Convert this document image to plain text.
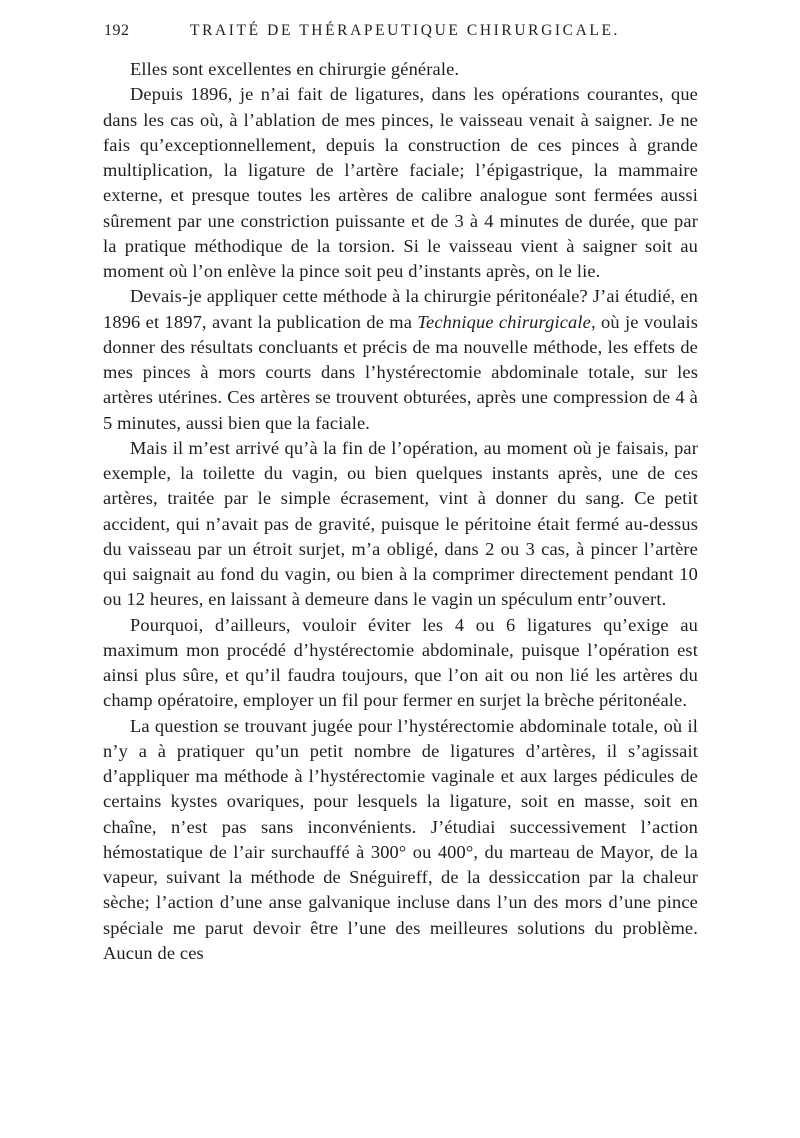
192	TRAITÉ DE THÉRAPEUTIQUE CHIRURGICALE.

Elles sont excellentes en chirurgie générale.

Depuis 1896, je n’ai fait de ligatures, dans les opérations courantes, que dans les cas où, à l’ablation de mes pinces, le vaisseau venait à saigner. Je ne fais qu’exceptionnellement, depuis la construction de ces pinces à grande multiplication, la ligature de l’artère faciale; l’épigastrique, la mammaire externe, et presque toutes les artères de calibre analogue sont fermées aussi sûrement par une constriction puissante et de 3 à 4 minutes de durée, que par la pratique méthodique de la torsion. Si le vaisseau vient à saigner soit au moment où l’on enlève la pince soit peu d’instants après, on le lie.

Devais-je appliquer cette méthode à la chirurgie péritonéale? J’ai étudié, en 1896 et 1897, avant la publication de ma Technique chirurgicale, où je voulais donner des résultats concluants et précis de ma nouvelle méthode, les effets de mes pinces à mors courts dans l’hystérectomie abdominale totale, sur les artères utérines. Ces artères se trouvent obturées, après une compression de 4 à 5 minutes, aussi bien que la faciale.

Mais il m’est arrivé qu’à la fin de l’opération, au moment où je faisais, par exemple, la toilette du vagin, ou bien quelques instants après, une de ces artères, traitée par le simple écrasement, vint à donner du sang. Ce petit accident, qui n’avait pas de gravité, puisque le péritoine était fermé au-dessus du vaisseau par un étroit surjet, m’a obligé, dans 2 ou 3 cas, à pincer l’artère qui saignait au fond du vagin, ou bien à la comprimer directement pendant 10 ou 12 heures, en laissant à demeure dans le vagin un spéculum entr’ouvert.

Pourquoi, d’ailleurs, vouloir éviter les 4 ou 6 ligatures qu’exige au maximum mon procédé d’hystérectomie abdominale, puisque l’opération est ainsi plus sûre, et qu’il faudra toujours, que l’on ait ou non lié les artères du champ opératoire, employer un fil pour fermer en surjet la brèche péritonéale.

La question se trouvant jugée pour l’hystérectomie abdominale totale, où il n’y a à pratiquer qu’un petit nombre de ligatures d’artères, il s’agissait d’appliquer ma méthode à l’hystérectomie vaginale et aux larges pédicules de certains kystes ovariques, pour lesquels la ligature, soit en masse, soit en chaîne, n’est pas sans inconvénients. J’étudiai successivement l’action hémostatique de l’air surchauffé à 300° ou 400°, du marteau de Mayor, de la vapeur, suivant la méthode de Snéguireff, de la dessiccation par la chaleur sèche; l’action d’une anse galvanique incluse dans l’un des mors d’une pince spéciale me parut devoir être l’une des meilleures solutions du problème. Aucun de ces
